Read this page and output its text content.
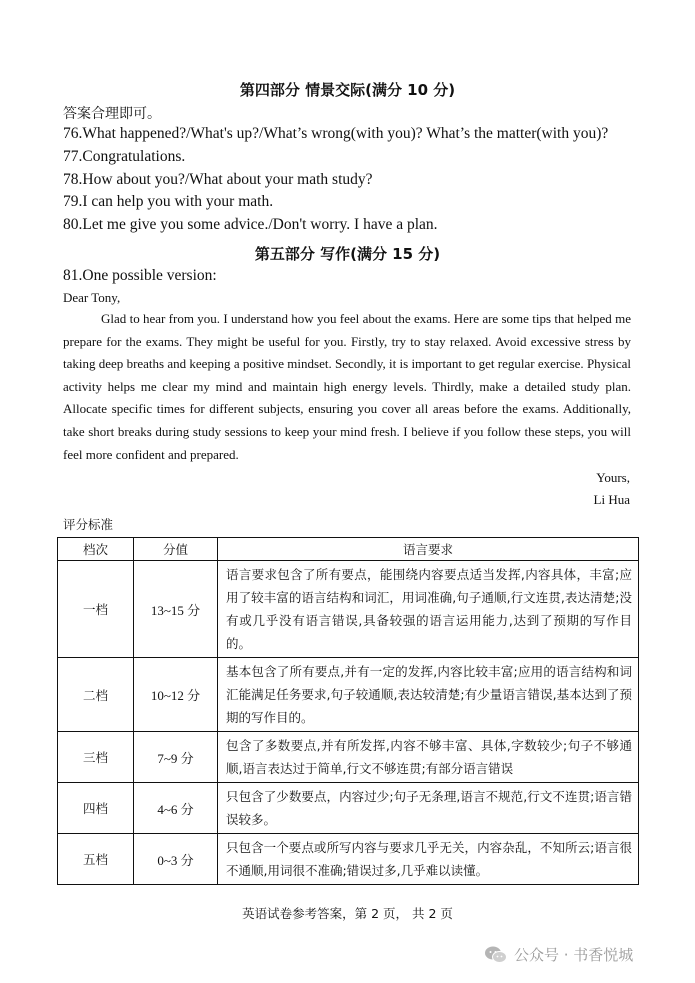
第四部分 情景交际(满分 10 分)
答案合理即可。
76.What happened?/What's up?/What’s wrong(with you)? What’s the matter(with you)?
77.Congratulations.
78.How about you?/What about your math study?
79.I can help you with your math.
80.Let me give you some advice./Don't worry. I have a plan.
第五部分 写作(满分 15 分)
81.One possible version:
Dear Tony,
Glad to hear from you. I understand how you feel about the exams. Here are some tips that helped me prepare for the exams. They might be useful for you. Firstly, try to stay relaxed. Avoid excessive stress by taking deep breaths and keeping a positive mindset. Secondly, it is important to get regular exercise. Physical activity helps me clear my mind and maintain high energy levels. Thirdly, make a detailed study plan. Allocate specific times for different subjects, ensuring you cover all areas before the exams. Additionally, take short breaks during study sessions to keep your mind fresh. I believe if you follow these steps, you will feel more confident and prepared.
Yours,
Li Hua
评分标准
档次	分值	语言要求
一档	13~15 分	语言要求包含了所有要点，能围绕内容要点适当发挥,内容具体，丰富;应用了较丰富的语言结构和词汇，用词准确,句子通顺,行文连贯,表达清楚;没有或几乎没有语言错误,具备较强的语言运用能力,达到了预期的写作目的。
二档	10~12 分	基本包含了所有要点,并有一定的发挥,内容比较丰富;应用的语言结构和词汇能满足任务要求,句子较通顺,表达较清楚;有少量语言错误,基本达到了预期的写作目的。
三档	7~9 分	包含了多数要点,并有所发挥,内容不够丰富、具体,字数较少;句子不够通顺,语言表达过于简单,行文不够连贯;有部分语言错误
四档	4~6 分	只包含了少数要点，内容过少;句子无条理,语言不规范,行文不连贯;语言错误较多。
五档	0~3 分	只包含一个要点或所写内容与要求几乎无关，内容杂乱，不知所云;语言很不通顺,用词很不准确;错误过多,几乎难以读懂。
英语试卷参考答案，第 2 页， 共 2 页
公众号 · 书香悦城
